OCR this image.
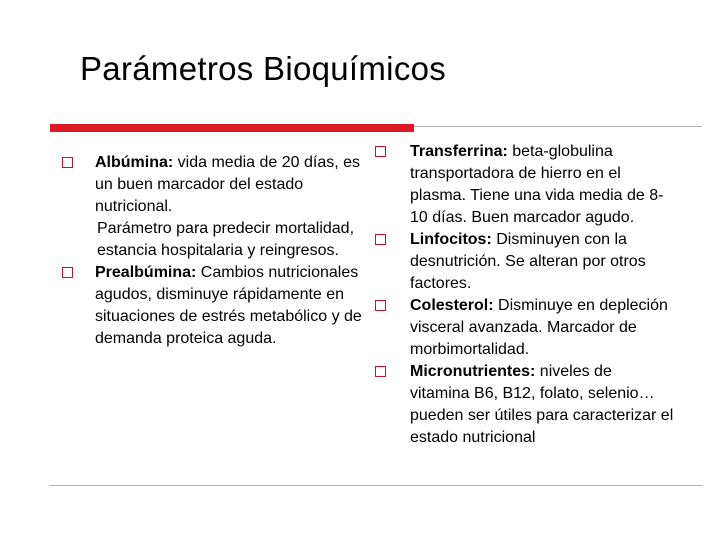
Parámetros Bioquímicos
Albúmina: vida media de 20 días, es un buen marcador del estado nutricional.
Parámetro para predecir mortalidad, estancia hospitalaria y reingresos.
Prealbúmina: Cambios nutricionales agudos, disminuye rápidamente en situaciones de estrés metabólico y de demanda proteica aguda.
Transferrina: beta-globulina transportadora de hierro en el plasma. Tiene una vida media de 8-10 días. Buen marcador agudo.
Linfocitos: Disminuyen con la desnutrición. Se alteran por otros factores.
Colesterol: Disminuye en depleción visceral avanzada. Marcador de morbimortalidad.
Micronutrientes: niveles de vitamina B6, B12, folato, selenio… pueden ser útiles para caracterizar el estado nutricional
